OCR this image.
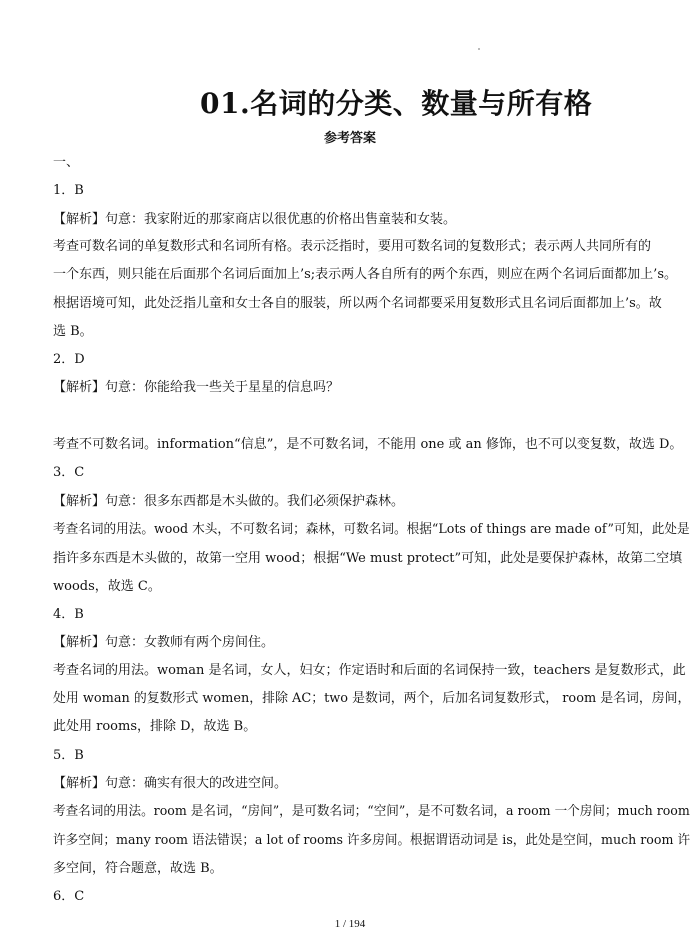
01.名词的分类、数量与所有格
参考答案
一、
1．B
【解析】句意：我家附近的那家商店以很优惠的价格出售童装和女装。
考查可数名词的单复数形式和名词所有格。表示泛指时，要用可数名词的复数形式；表示两人共同所有的
一个东西，则只能在后面那个名词后面加上’s;表示两人各自所有的两个东西，则应在两个名词后面都加上’s。
根据语境可知，此处泛指儿童和女士各自的服装，所以两个名词都要采用复数形式且名词后面都加上’s。故
选 B。
2．D
【解析】句意：你能给我一些关于星星的信息吗？
考查不可数名词。information“信息”，是不可数名词，不能用 one 或 an 修饰，也不可以变复数，故选 D。
3．C
【解析】句意：很多东西都是木头做的。我们必须保护森林。
考查名词的用法。wood 木头，不可数名词；森林，可数名词。根据“Lots of things are made of”可知，此处是
指许多东西是木头做的，故第一空用 wood；根据“We must protect”可知，此处是要保护森林，故第二空填
woods，故选 C。
4．B
【解析】句意：女教师有两个房间住。
考查名词的用法。woman 是名词，女人，妇女；作定语时和后面的名词保持一致，teachers 是复数形式，此
处用 woman 的复数形式 women，排除 AC；two 是数词，两个，后加名词复数形式， room 是名词，房间，
此处用 rooms，排除 D，故选 B。
5．B
【解析】句意：确实有很大的改进空间。
考查名词的用法。room 是名词，“房间”，是可数名词；“空间”，是不可数名词，a room 一个房间；much room
许多空间；many room 语法错误；a lot of rooms 许多房间。根据谓语动词是 is，此处是空间，much room 许
多空间，符合题意，故选 B。
6．C
1 / 194
